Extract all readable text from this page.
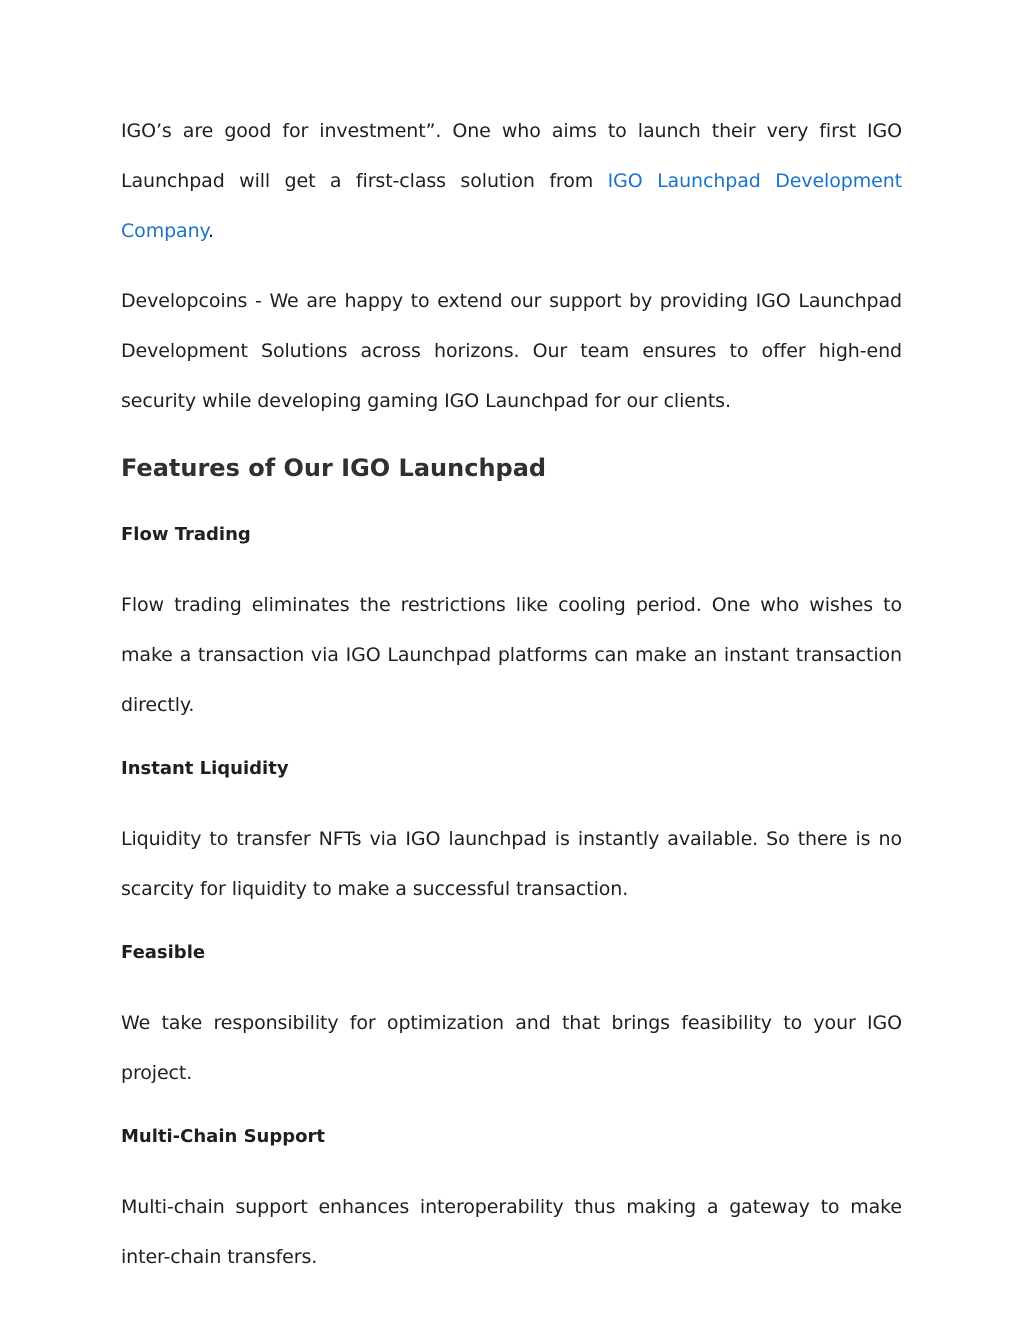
IGO’s are good for investment”. One who aims to launch their very first IGO Launchpad will get a first-class solution from IGO Launchpad Development Company.

Developcoins - We are happy to extend our support by providing IGO Launchpad Development Solutions across horizons. Our team ensures to offer high-end security while developing gaming IGO Launchpad for our clients.

Features of Our IGO Launchpad
Flow Trading

Flow trading eliminates the restrictions like cooling period. One who wishes to make a transaction via IGO Launchpad platforms can make an instant transaction directly.

Instant Liquidity

Liquidity to transfer NFTs via IGO launchpad is instantly available. So there is no scarcity for liquidity to make a successful transaction.

Feasible

We take responsibility for optimization and that brings feasibility to your IGO project.

Multi-Chain Support

Multi-chain support enhances interoperability thus making a gateway to make inter-chain transfers.
